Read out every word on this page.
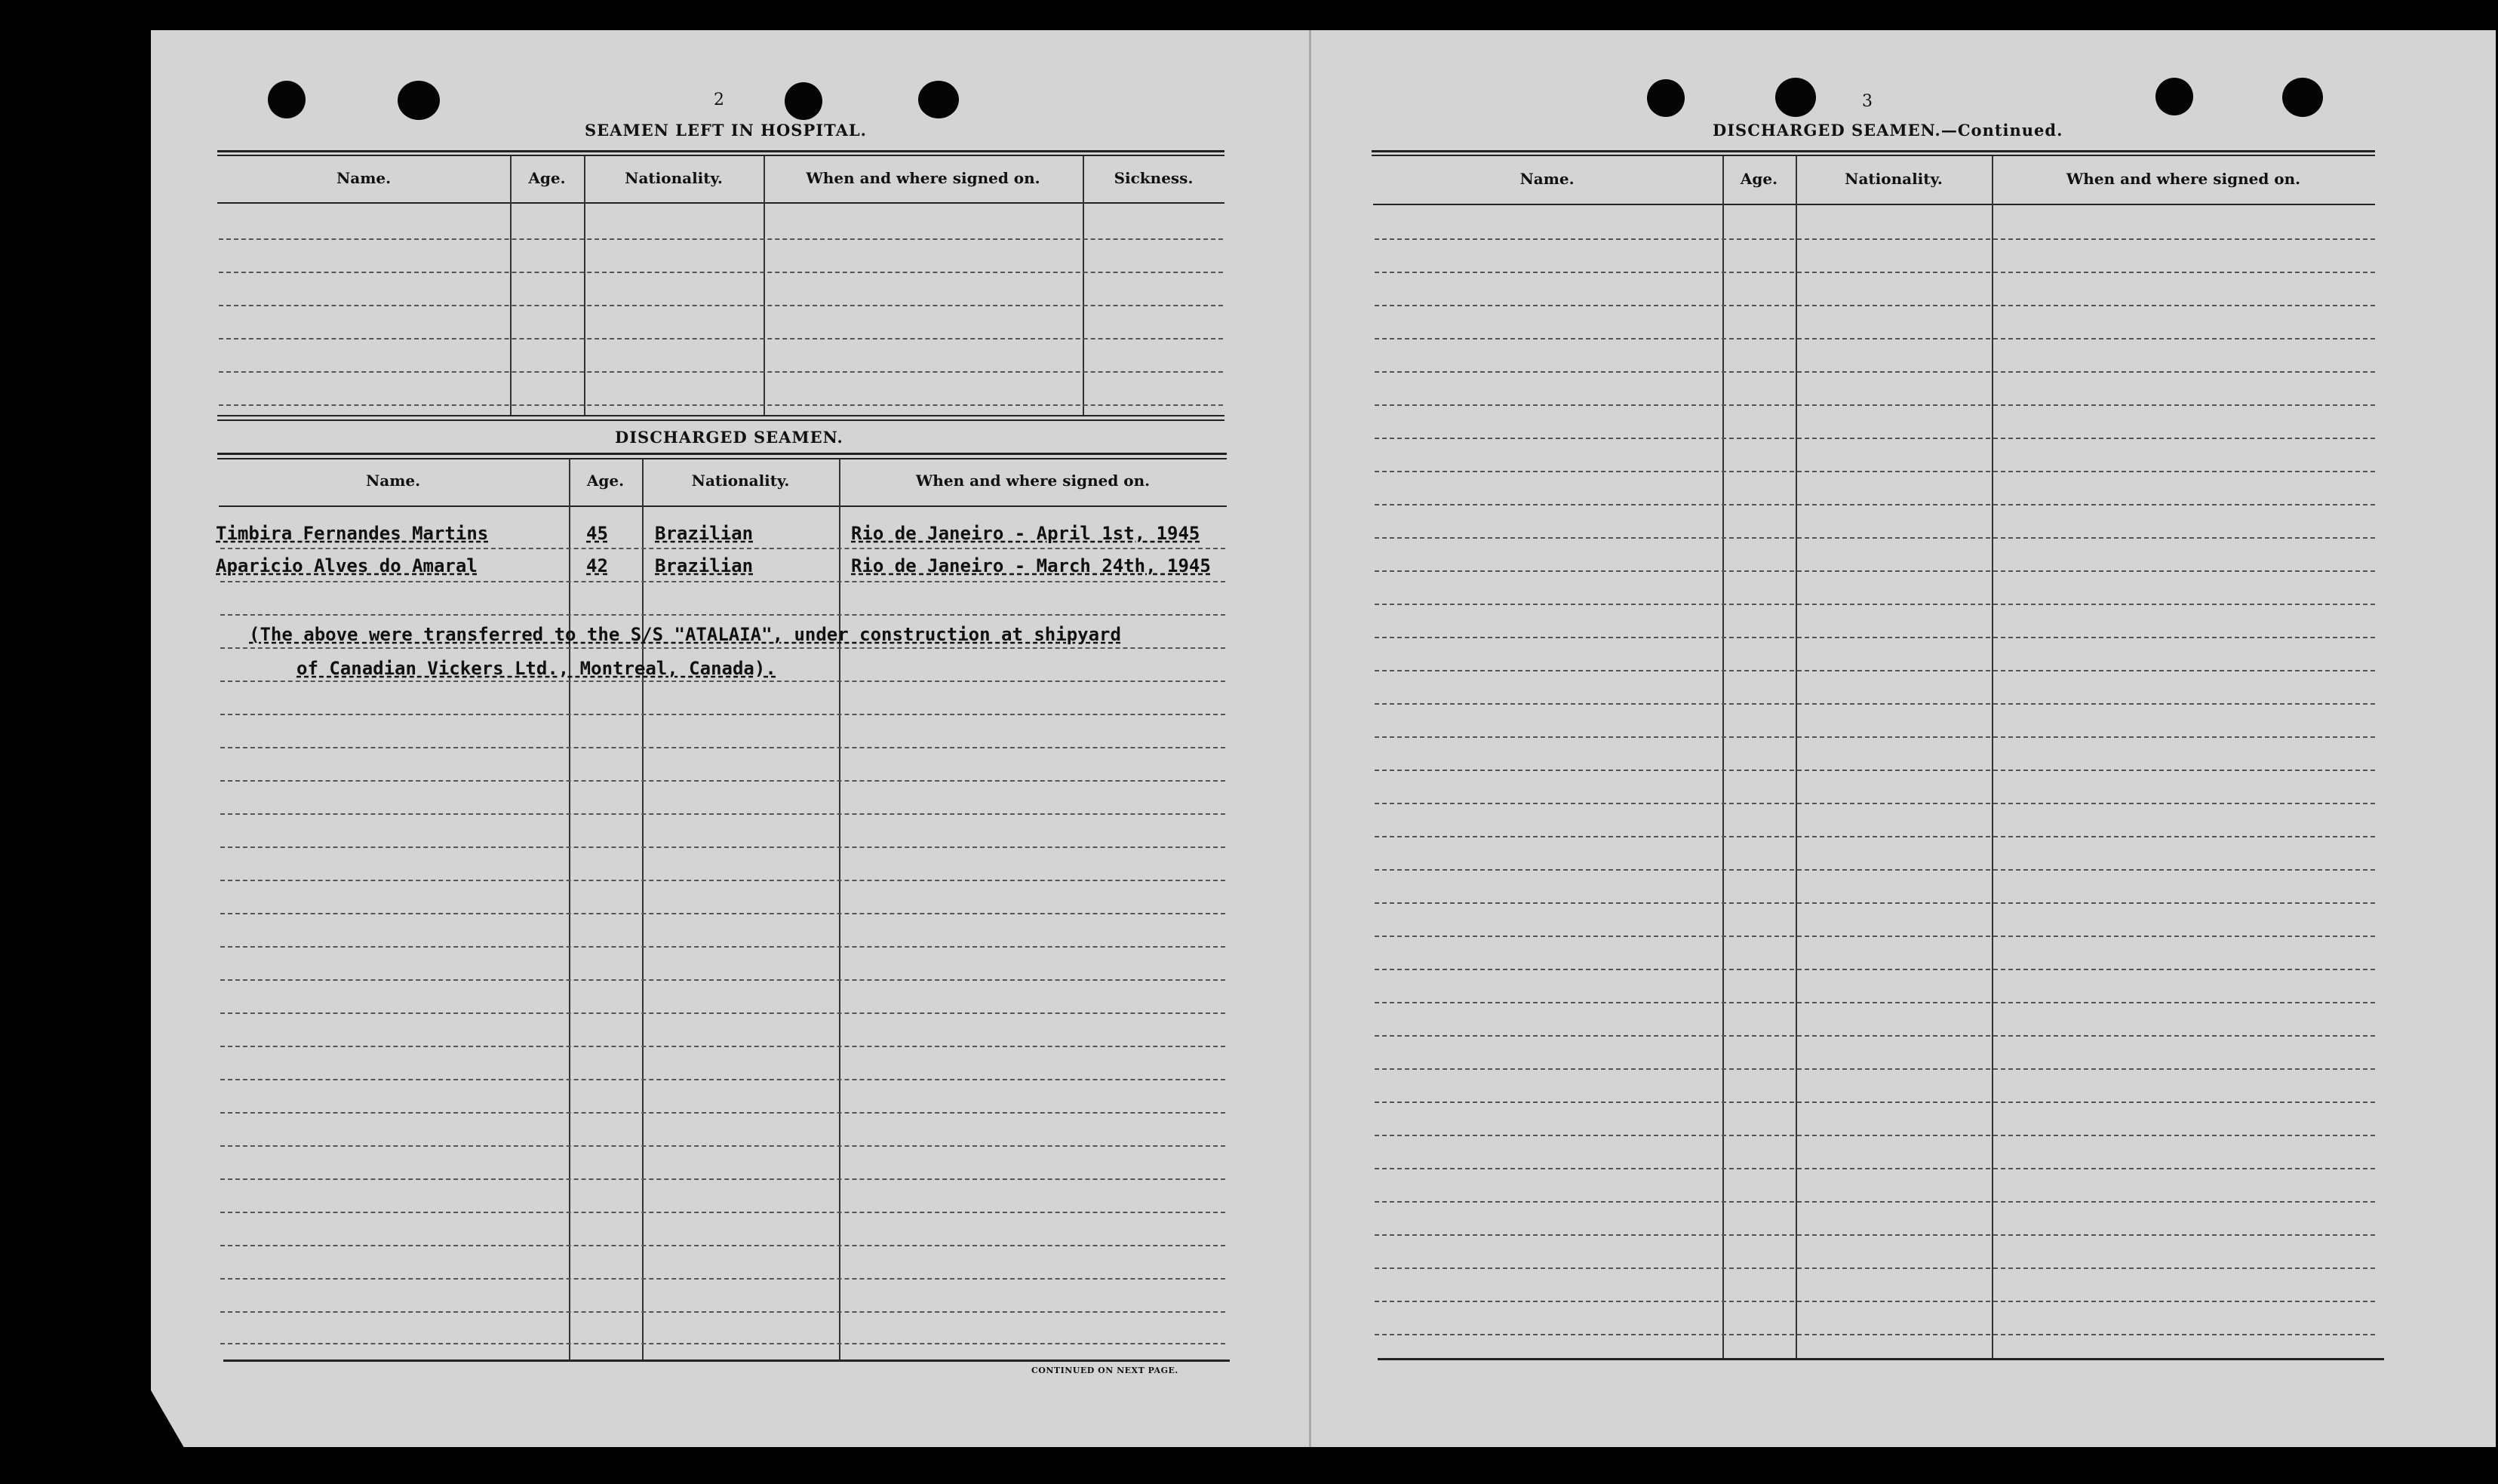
2
SEAMEN LEFT IN HOSPITAL.
Name.	Age.	Nationality.	When and where signed on.	Sickness.
DISCHARGED SEAMEN.
Name.	Age.	Nationality.	When and where signed on.
Timbira Fernandes Martins	45	Brazilian	Rio de Janeiro - April 1st, 1945
Aparicio Alves do Amaral	42	Brazilian	Rio de Janeiro - March 24th, 1945
(The above were transferred to the S/S "ATALAIA", under construction at shipyard
of Canadian Vickers Ltd., Montreal, Canada).
CONTINUED ON NEXT PAGE.
3
DISCHARGED SEAMEN.—Continued.
Name.	Age.	Nationality.	When and where signed on.
